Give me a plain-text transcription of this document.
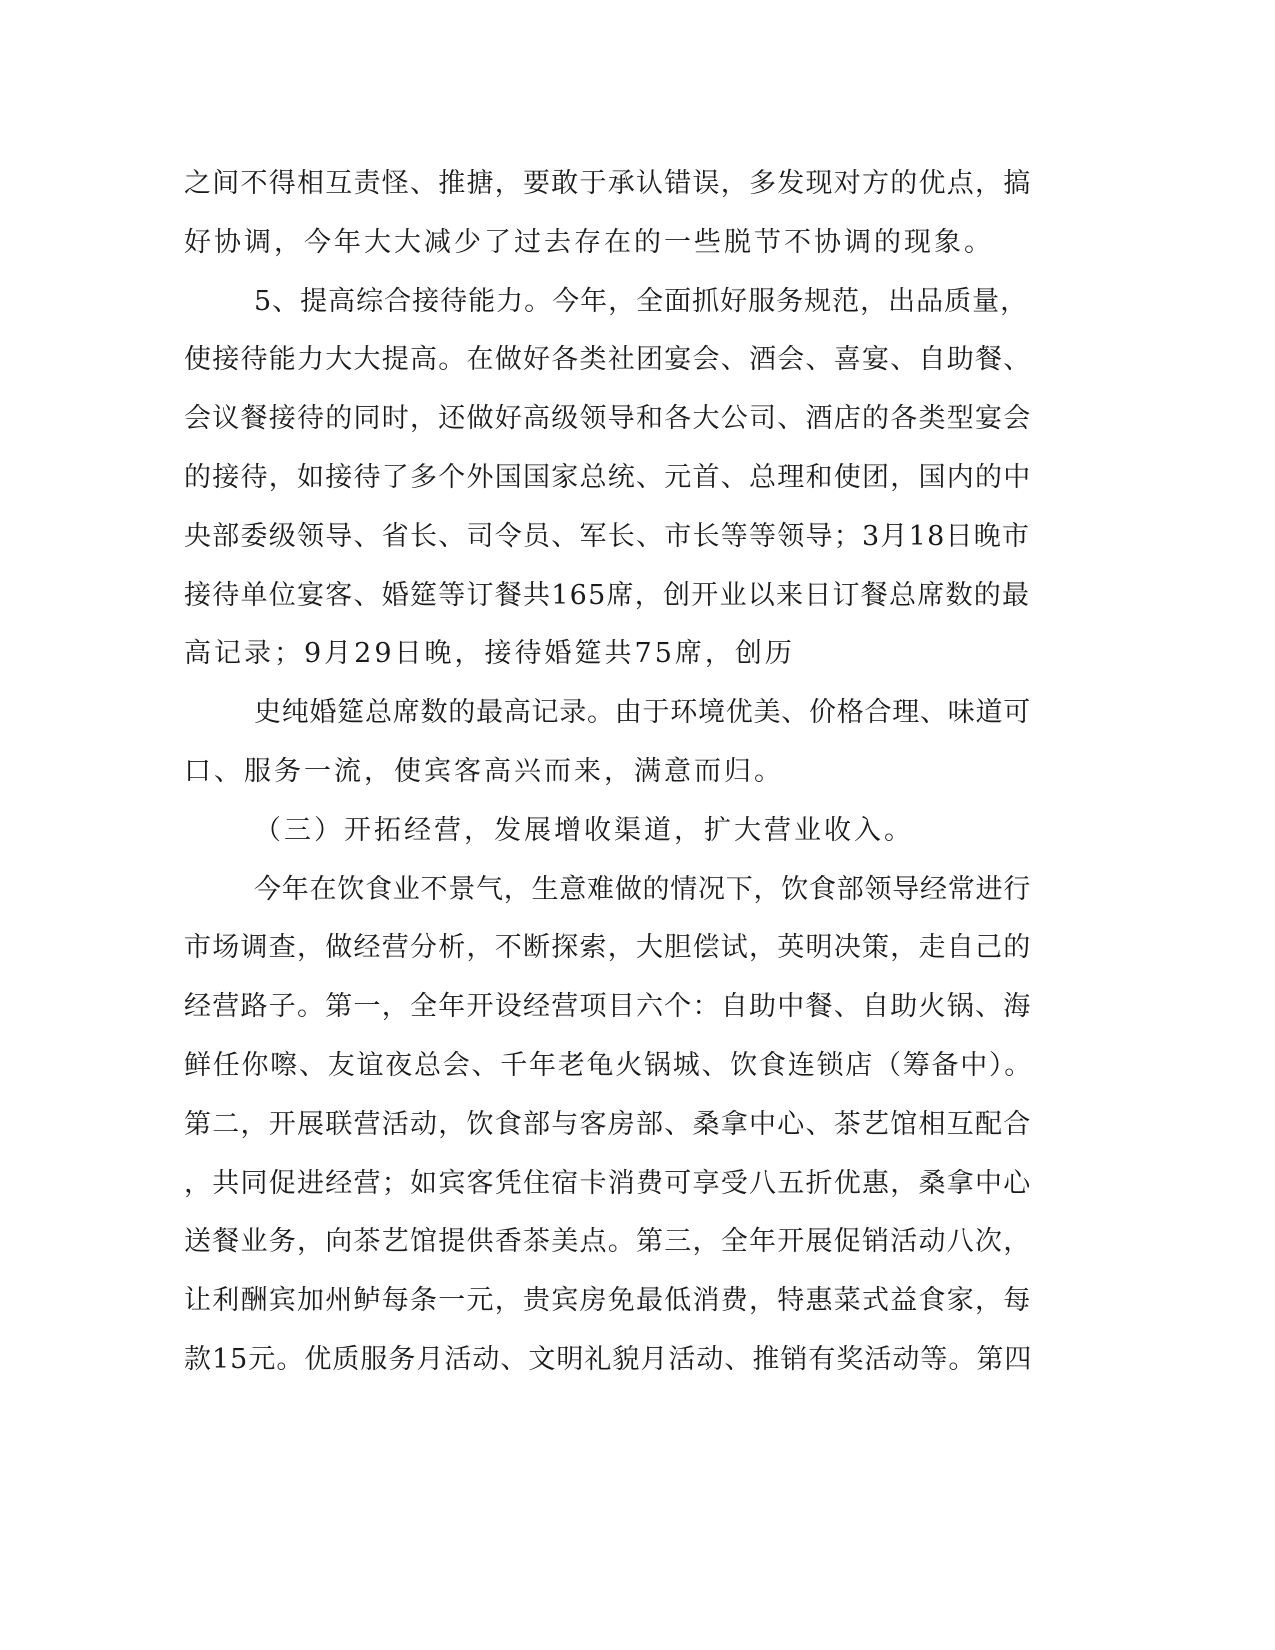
之间不得相互责怪、推搪，要敢于承认错误，多发现对方的优点，搞
好协调，今年大大减少了过去存在的一些脱节不协调的现象。
5、提高综合接待能力。今年，全面抓好服务规范，出品质量，
使接待能力大大提高。在做好各类社团宴会、酒会、喜宴、自助餐、
会议餐接待的同时，还做好高级领导和各大公司、酒店的各类型宴会
的接待，如接待了多个外国国家总统、元首、总理和使团，国内的中
央部委级领导、省长、司令员、军长、市长等等领导；3月18日晚市
接待单位宴客、婚筵等订餐共165席，创开业以来日订餐总席数的最
高记录；9月29日晚，接待婚筵共75席，创历
史纯婚筵总席数的最高记录。由于环境优美、价格合理、味道可
口、服务一流，使宾客高兴而来，满意而归。
（三）开拓经营，发展增收渠道，扩大营业收入。
今年在饮食业不景气，生意难做的情况下，饮食部领导经常进行
市场调查，做经营分析，不断探索，大胆偿试，英明决策，走自己的
经营路子。第一，全年开设经营项目六个：自助中餐、自助火锅、海
鲜任你嚓、友谊夜总会、千年老龟火锅城、饮食连锁店（筹备中）。
第二，开展联营活动，饮食部与客房部、桑拿中心、茶艺馆相互配合
，共同促进经营；如宾客凭住宿卡消费可享受八五折优惠，桑拿中心
送餐业务，向茶艺馆提供香茶美点。第三，全年开展促销活动八次，
让利酬宾加州鲈每条一元，贵宾房免最低消费，特惠菜式益食家，每
款15元。优质服务月活动、文明礼貌月活动、推销有奖活动等。第四
